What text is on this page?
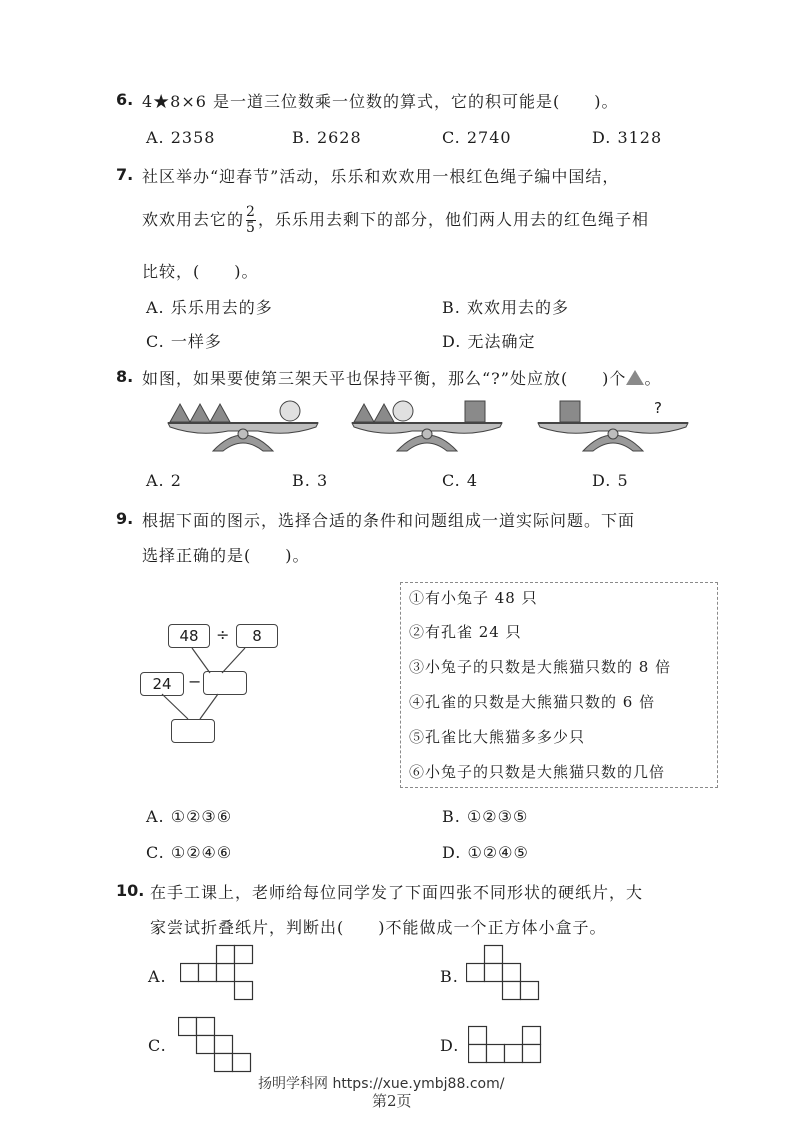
6. 4★8×6 是一道三位数乘一位数的算式，它的积可能是(　　)。
A. 2358	B. 2628	C. 2740	D. 3128
7. 社区举办“迎春节”活动，乐乐和欢欢用一根红色绳子编中国结，
欢欢用去它的 $\frac{2}{5}$ ，乐乐用去剩下的部分，他们两人用去的红色绳子相
比较，(　　)。
A. 乐乐用去的多	B. 欢欢用去的多
C. 一样多	D. 无法确定
8. 如图，如果要使第三架天平也保持平衡，那么“?”处应放(　　)个 。
?
A. 2	B. 3	C. 4	D. 5
9. 根据下面的图示，选择合适的条件和问题组成一道实际问题。下面
选择正确的是(　　)。
48	÷	8
24	−
①有小兔子 48 只
②有孔雀 24 只
③小兔子的只数是大熊猫只数的 8 倍
④孔雀的只数是大熊猫只数的 6 倍
⑤孔雀比大熊猫多多少只
⑥小兔子的只数是大熊猫只数的几倍
A. ①②③⑥	B. ①②③⑤
C. ①②④⑥	D. ①②④⑤
10. 在手工课上，老师给每位同学发了下面四张不同形状的硬纸片，大
家尝试折叠纸片，判断出(　　)不能做成一个正方体小盒子。
A.	B.
C.	D.
扬明学科网 https://xue.ymbj88.com/
第2页
